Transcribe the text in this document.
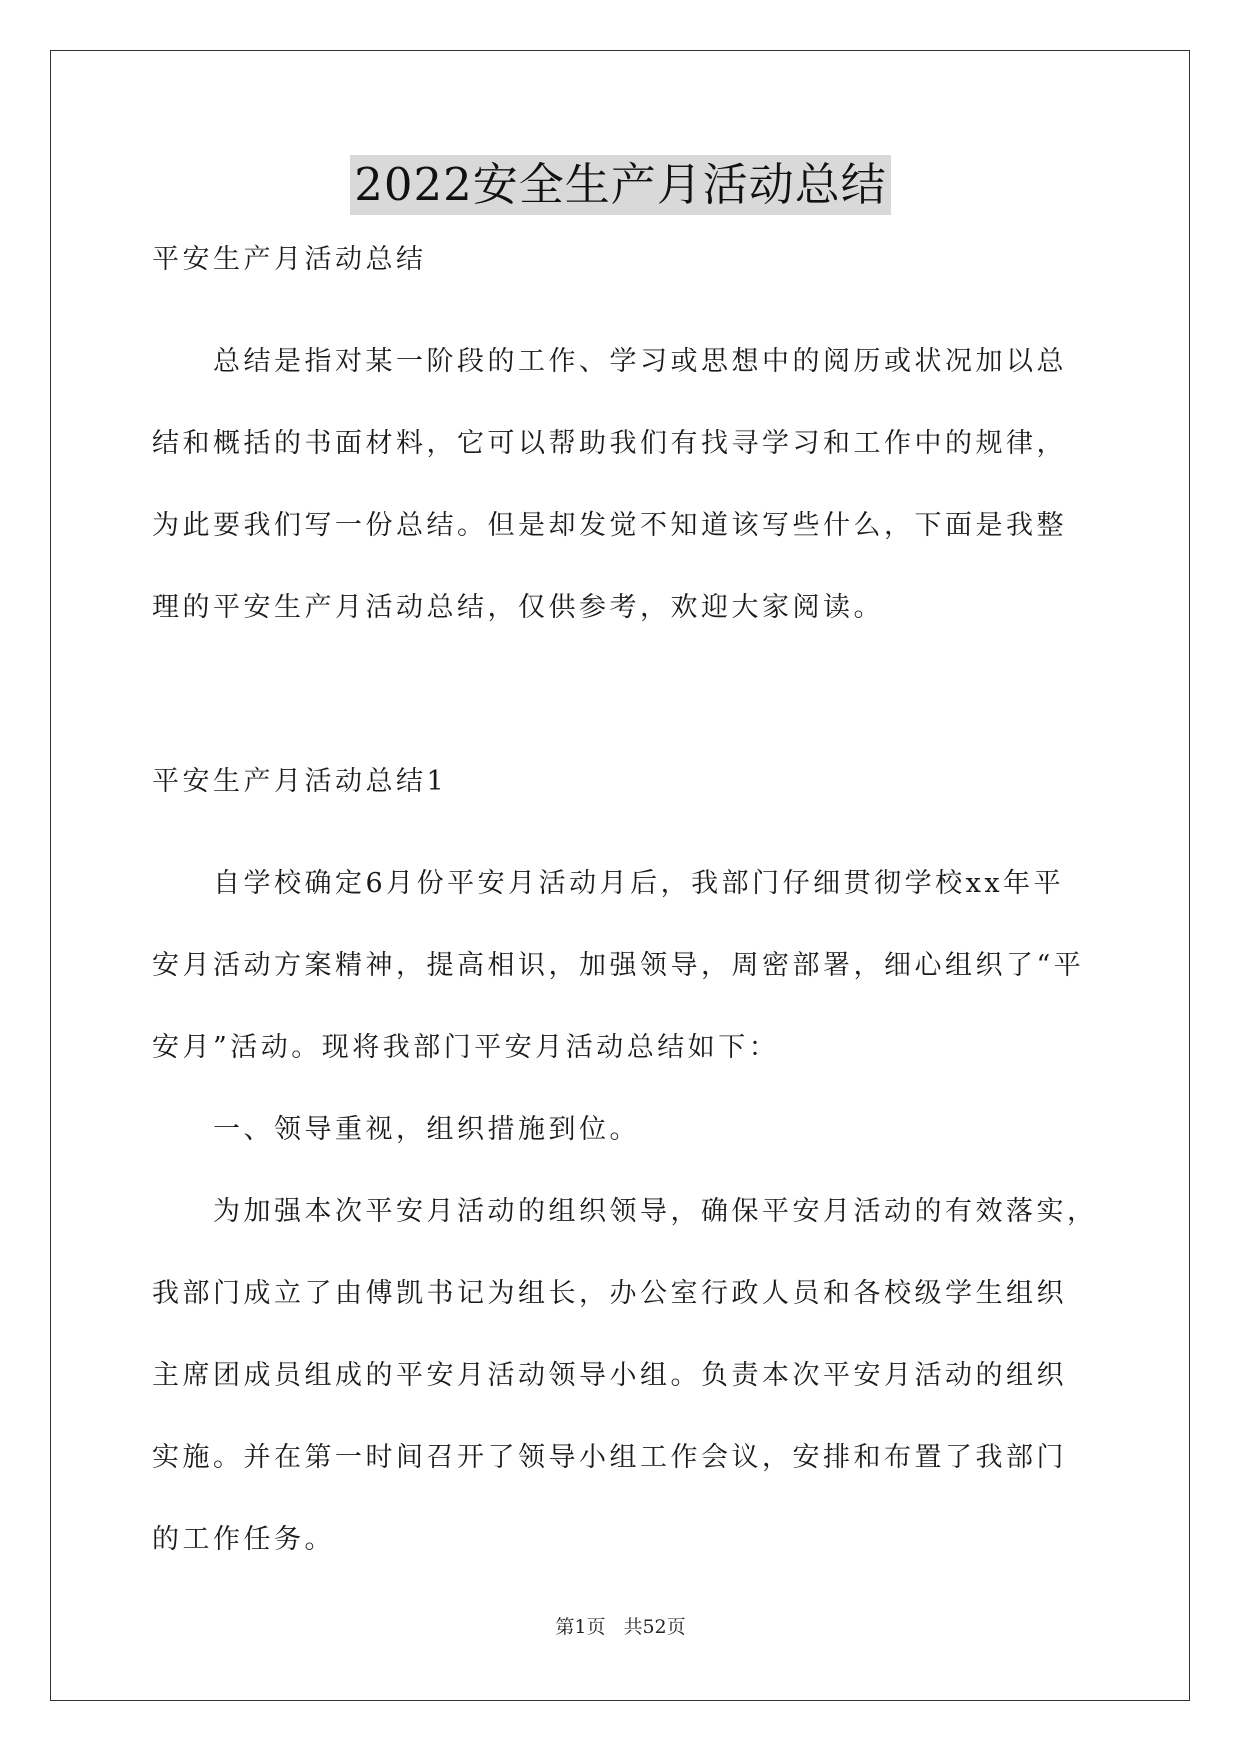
2022安全生产月活动总结
平安生产月活动总结
总结是指对某一阶段的工作、学习或思想中的阅历或状况加以总
结和概括的书面材料，它可以帮助我们有找寻学习和工作中的规律，
为此要我们写一份总结。但是却发觉不知道该写些什么，下面是我整
理的平安生产月活动总结，仅供参考，欢迎大家阅读。
平安生产月活动总结1
自学校确定6月份平安月活动月后，我部门仔细贯彻学校xx年平
安月活动方案精神，提高相识，加强领导，周密部署，细心组织了“平
安月”活动。现将我部门平安月活动总结如下：
一、领导重视，组织措施到位。
为加强本次平安月活动的组织领导，确保平安月活动的有效落实，
我部门成立了由傅凯书记为组长，办公室行政人员和各校级学生组织
主席团成员组成的平安月活动领导小组。负责本次平安月活动的组织
实施。并在第一时间召开了领导小组工作会议，安排和布置了我部门
的工作任务。
第1页 共52页
